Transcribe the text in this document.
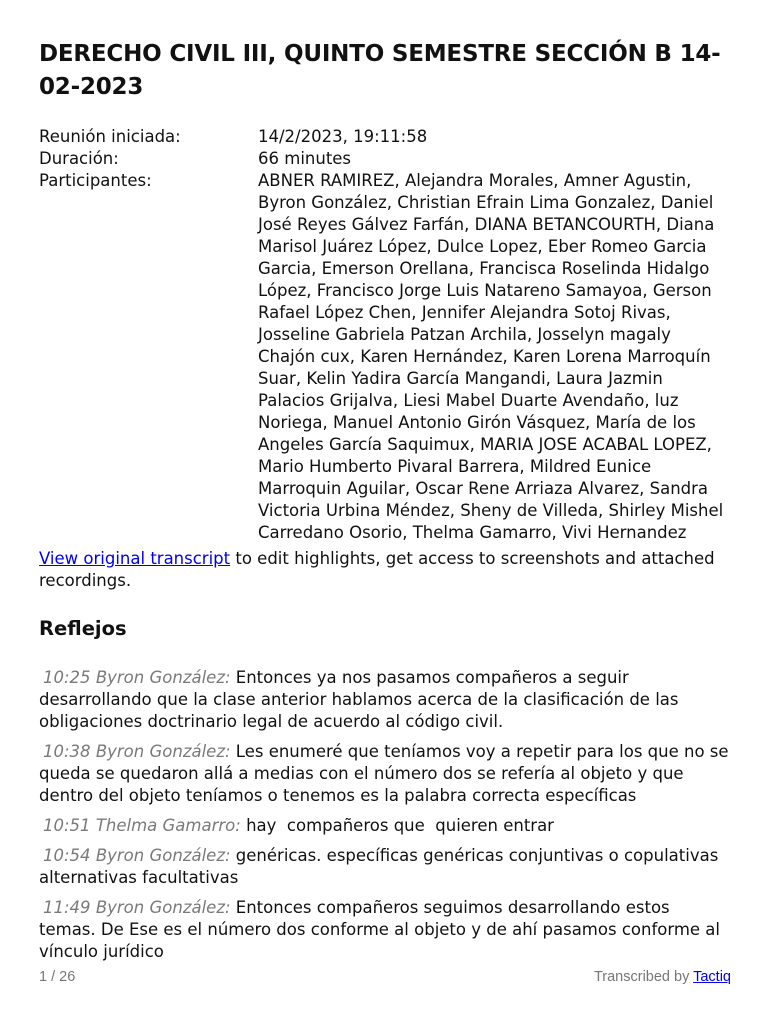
DERECHO CIVIL III, QUINTO SEMESTRE SECCIÓN B 14-02-2023
Reunión iniciada:	14/2/2023, 19:11:58
Duración:	66 minutes
Participantes:	ABNER RAMIREZ, Alejandra Morales, Amner Agustin, Byron González, Christian Efrain Lima Gonzalez, Daniel José Reyes Gálvez Farfán, DIANA BETANCOURTH, Diana Marisol Juárez López, Dulce Lopez, Eber Romeo Garcia Garcia, Emerson Orellana, Francisca Roselinda Hidalgo López, Francisco Jorge Luis Natareno Samayoa, Gerson Rafael López Chen, Jennifer Alejandra Sotoj Rivas, Josseline Gabriela Patzan Archila, Josselyn magaly Chajón cux, Karen Hernández, Karen Lorena Marroquín Suar, Kelin Yadira García Mangandi, Laura Jazmin Palacios Grijalva, Liesi Mabel Duarte Avendaño, luz Noriega, Manuel Antonio Girón Vásquez, María de los Angeles García Saquimux, MARIA JOSE ACABAL LOPEZ, Mario Humberto Pivaral Barrera, Mildred Eunice Marroquin Aguilar, Oscar Rene Arriaza Alvarez, Sandra Victoria Urbina Méndez, Sheny de Villeda, Shirley Mishel Carredano Osorio, Thelma Gamarro, Vivi Hernandez
View original transcript to edit highlights, get access to screenshots and attached recordings.
Reflejos
10:25 Byron González: Entonces ya nos pasamos compañeros a seguir desarrollando que la clase anterior hablamos acerca de la clasificación de las obligaciones doctrinario legal de acuerdo al código civil.
10:38 Byron González: Les enumeré que teníamos voy a repetir para los que no se queda se quedaron allá a medias con el número dos se refería al objeto y que dentro del objeto teníamos o tenemos es la palabra correcta específicas
10:51 Thelma Gamarro: hay  compañeros que  quieren entrar
10:54 Byron González: genéricas. específicas genéricas conjuntivas o copulativas alternativas facultativas
11:49 Byron González: Entonces compañeros seguimos desarrollando estos temas. De Ese es el número dos conforme al objeto y de ahí pasamos conforme al vínculo jurídico
1 / 26	Transcribed by Tactiq
